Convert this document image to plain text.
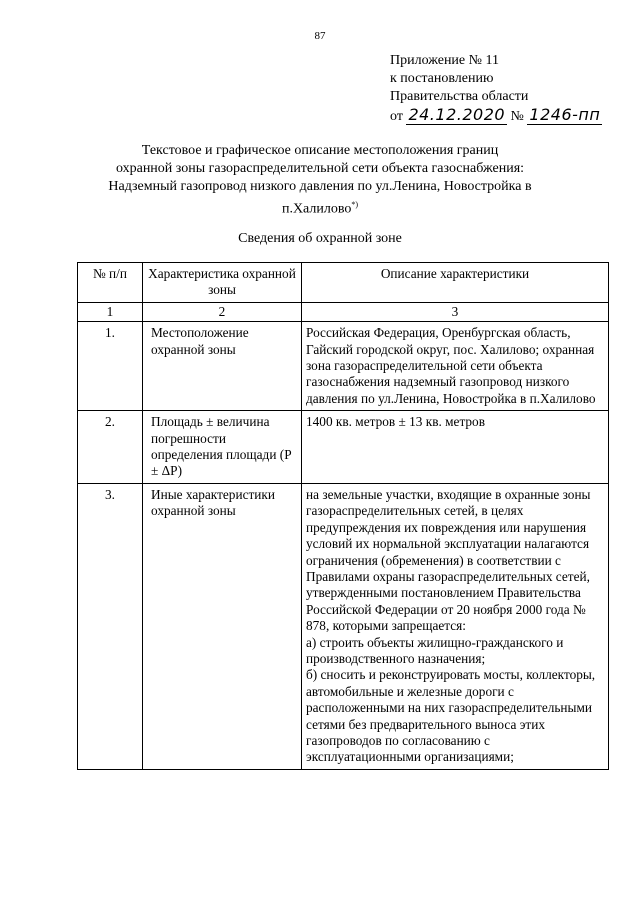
87
Приложение № 11
к постановлению
Правительства области
от 24.12.2020 № 1246-пп
Текстовое и графическое описание местоположения границ
охранной зоны газораспределительной сети объекта газоснабжения:
Надземный газопровод низкого давления по ул.Ленина, Новостройка в
п.Халилово*)
Сведения об охранной зоне
№ п/п	Характеристика охранной зоны	Описание характеристики
1	2	3
1.	Местоположение охранной зоны	Российская Федерация, Оренбургская область, Гайский городской округ, пос. Халилово; охранная зона газораспределительной сети объекта газоснабжения надземный газопровод низкого давления по ул.Ленина, Новостройка в п.Халилово
2.	Площадь ± величина погрешности определения площади (P ± ΔP)	1400 кв. метров ± 13 кв. метров
3.	Иные характеристики охранной зоны	на земельные участки, входящие в охранные зоны газораспределительных сетей, в целях предупреждения их повреждения или нарушения условий их нормальной эксплуатации налагаются ограничения (обременения) в соответствии с Правилами охраны газораспределительных сетей, утвержденными постановлением Правительства Российской Федерации от 20 ноября 2000 года № 878, которыми запрещается:
а) строить объекты жилищно-гражданского и производственного назначения;
б) сносить и реконструировать мосты, коллекторы, автомобильные и железные дороги с расположенными на них газораспределительными сетями без предварительного выноса этих газопроводов по согласованию с эксплуатационными организациями;
